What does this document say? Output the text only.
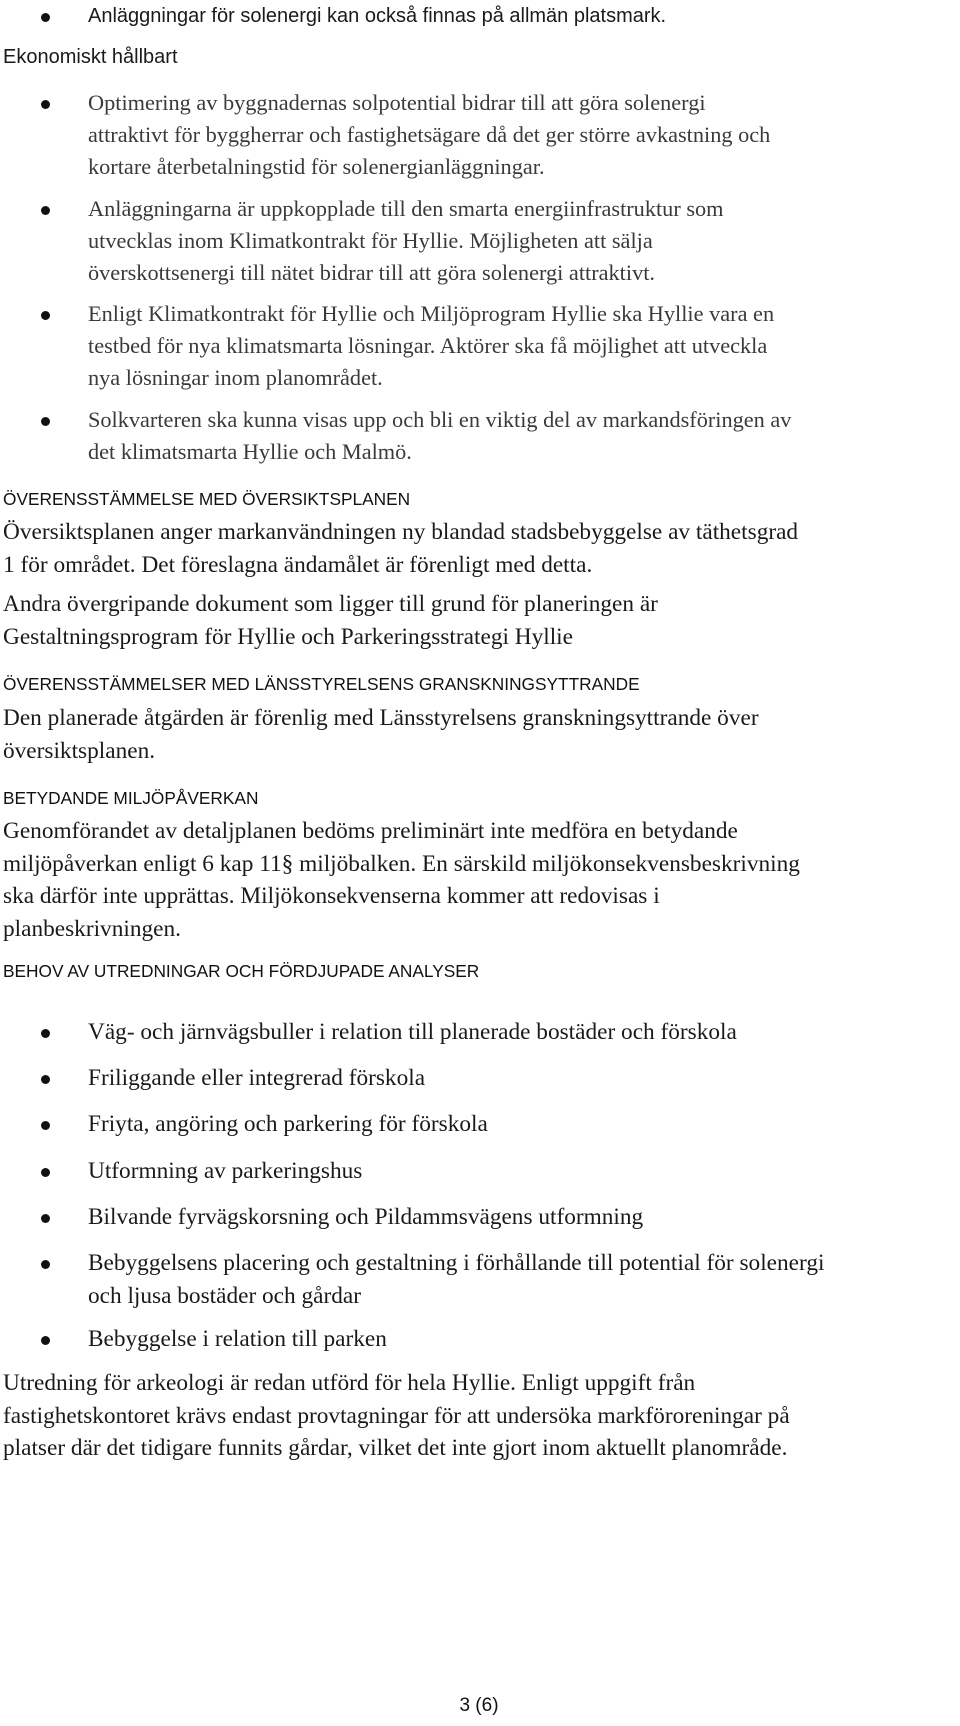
Anläggningar för solenergi kan också finnas på allmän platsmark.

Ekonomiskt hållbart

Optimering av byggnadernas solpotential bidrar till att göra solenergi
attraktivt för byggherrar och fastighetsägare då det ger större avkastning och
kortare återbetalningstid för solenergianläggningar.

Anläggningarna är uppkopplade till den smarta energiinfrastruktur som
utvecklas inom Klimatkontrakt för Hyllie. Möjligheten att sälja
överskottsenergi till nätet bidrar till att göra solenergi attraktivt.

Enligt Klimatkontrakt för Hyllie och Miljöprogram Hyllie ska Hyllie vara en
testbed för nya klimatsmarta lösningar. Aktörer ska få möjlighet att utveckla
nya lösningar inom planområdet.

Solkvarteren ska kunna visas upp och bli en viktig del av markandsföringen av
det klimatsmarta Hyllie och Malmö.

ÖVERENSSTÄMMELSE MED ÖVERSIKTSPLANEN

Översiktsplanen anger markanvändningen ny blandad stadsbebyggelse av täthetsgrad
1 för området. Det föreslagna ändamålet är förenligt med detta.

Andra övergripande dokument som ligger till grund för planeringen är
Gestaltningsprogram för Hyllie och Parkeringsstrategi Hyllie

ÖVERENSSTÄMMELSER MED LÄNSSTYRELSENS GRANSKNINGSYTTRANDE

Den planerade åtgärden är förenlig med Länsstyrelsens granskningsyttrande över
översiktsplanen.

BETYDANDE MILJÖPÅVERKAN

Genomförandet av detaljplanen bedöms preliminärt inte medföra en betydande
miljöpåverkan enligt 6 kap 11§ miljöbalken. En särskild miljökonsekvensbeskrivning
ska därför inte upprättas. Miljökonsekvenserna kommer att redovisas i
planbeskrivningen.

BEHOV AV UTREDNINGAR OCH FÖRDJUPADE ANALYSER

Väg- och järnvägsbuller i relation till planerade bostäder och förskola

Friliggande eller integrerad förskola

Friyta, angöring och parkering för förskola

Utformning av parkeringshus

Bilvande fyrvägskorsning och Pildammsvägens utformning

Bebyggelsens placering och gestaltning i förhållande till potential för solenergi
och ljusa bostäder och gårdar

Bebyggelse i relation till parken

Utredning för arkeologi är redan utförd för hela Hyllie. Enligt uppgift från
fastighetskontoret krävs endast provtagningar för att undersöka markföroreningar på
platser där det tidigare funnits gårdar, vilket det inte gjort inom aktuellt planområde.

3 (6)
